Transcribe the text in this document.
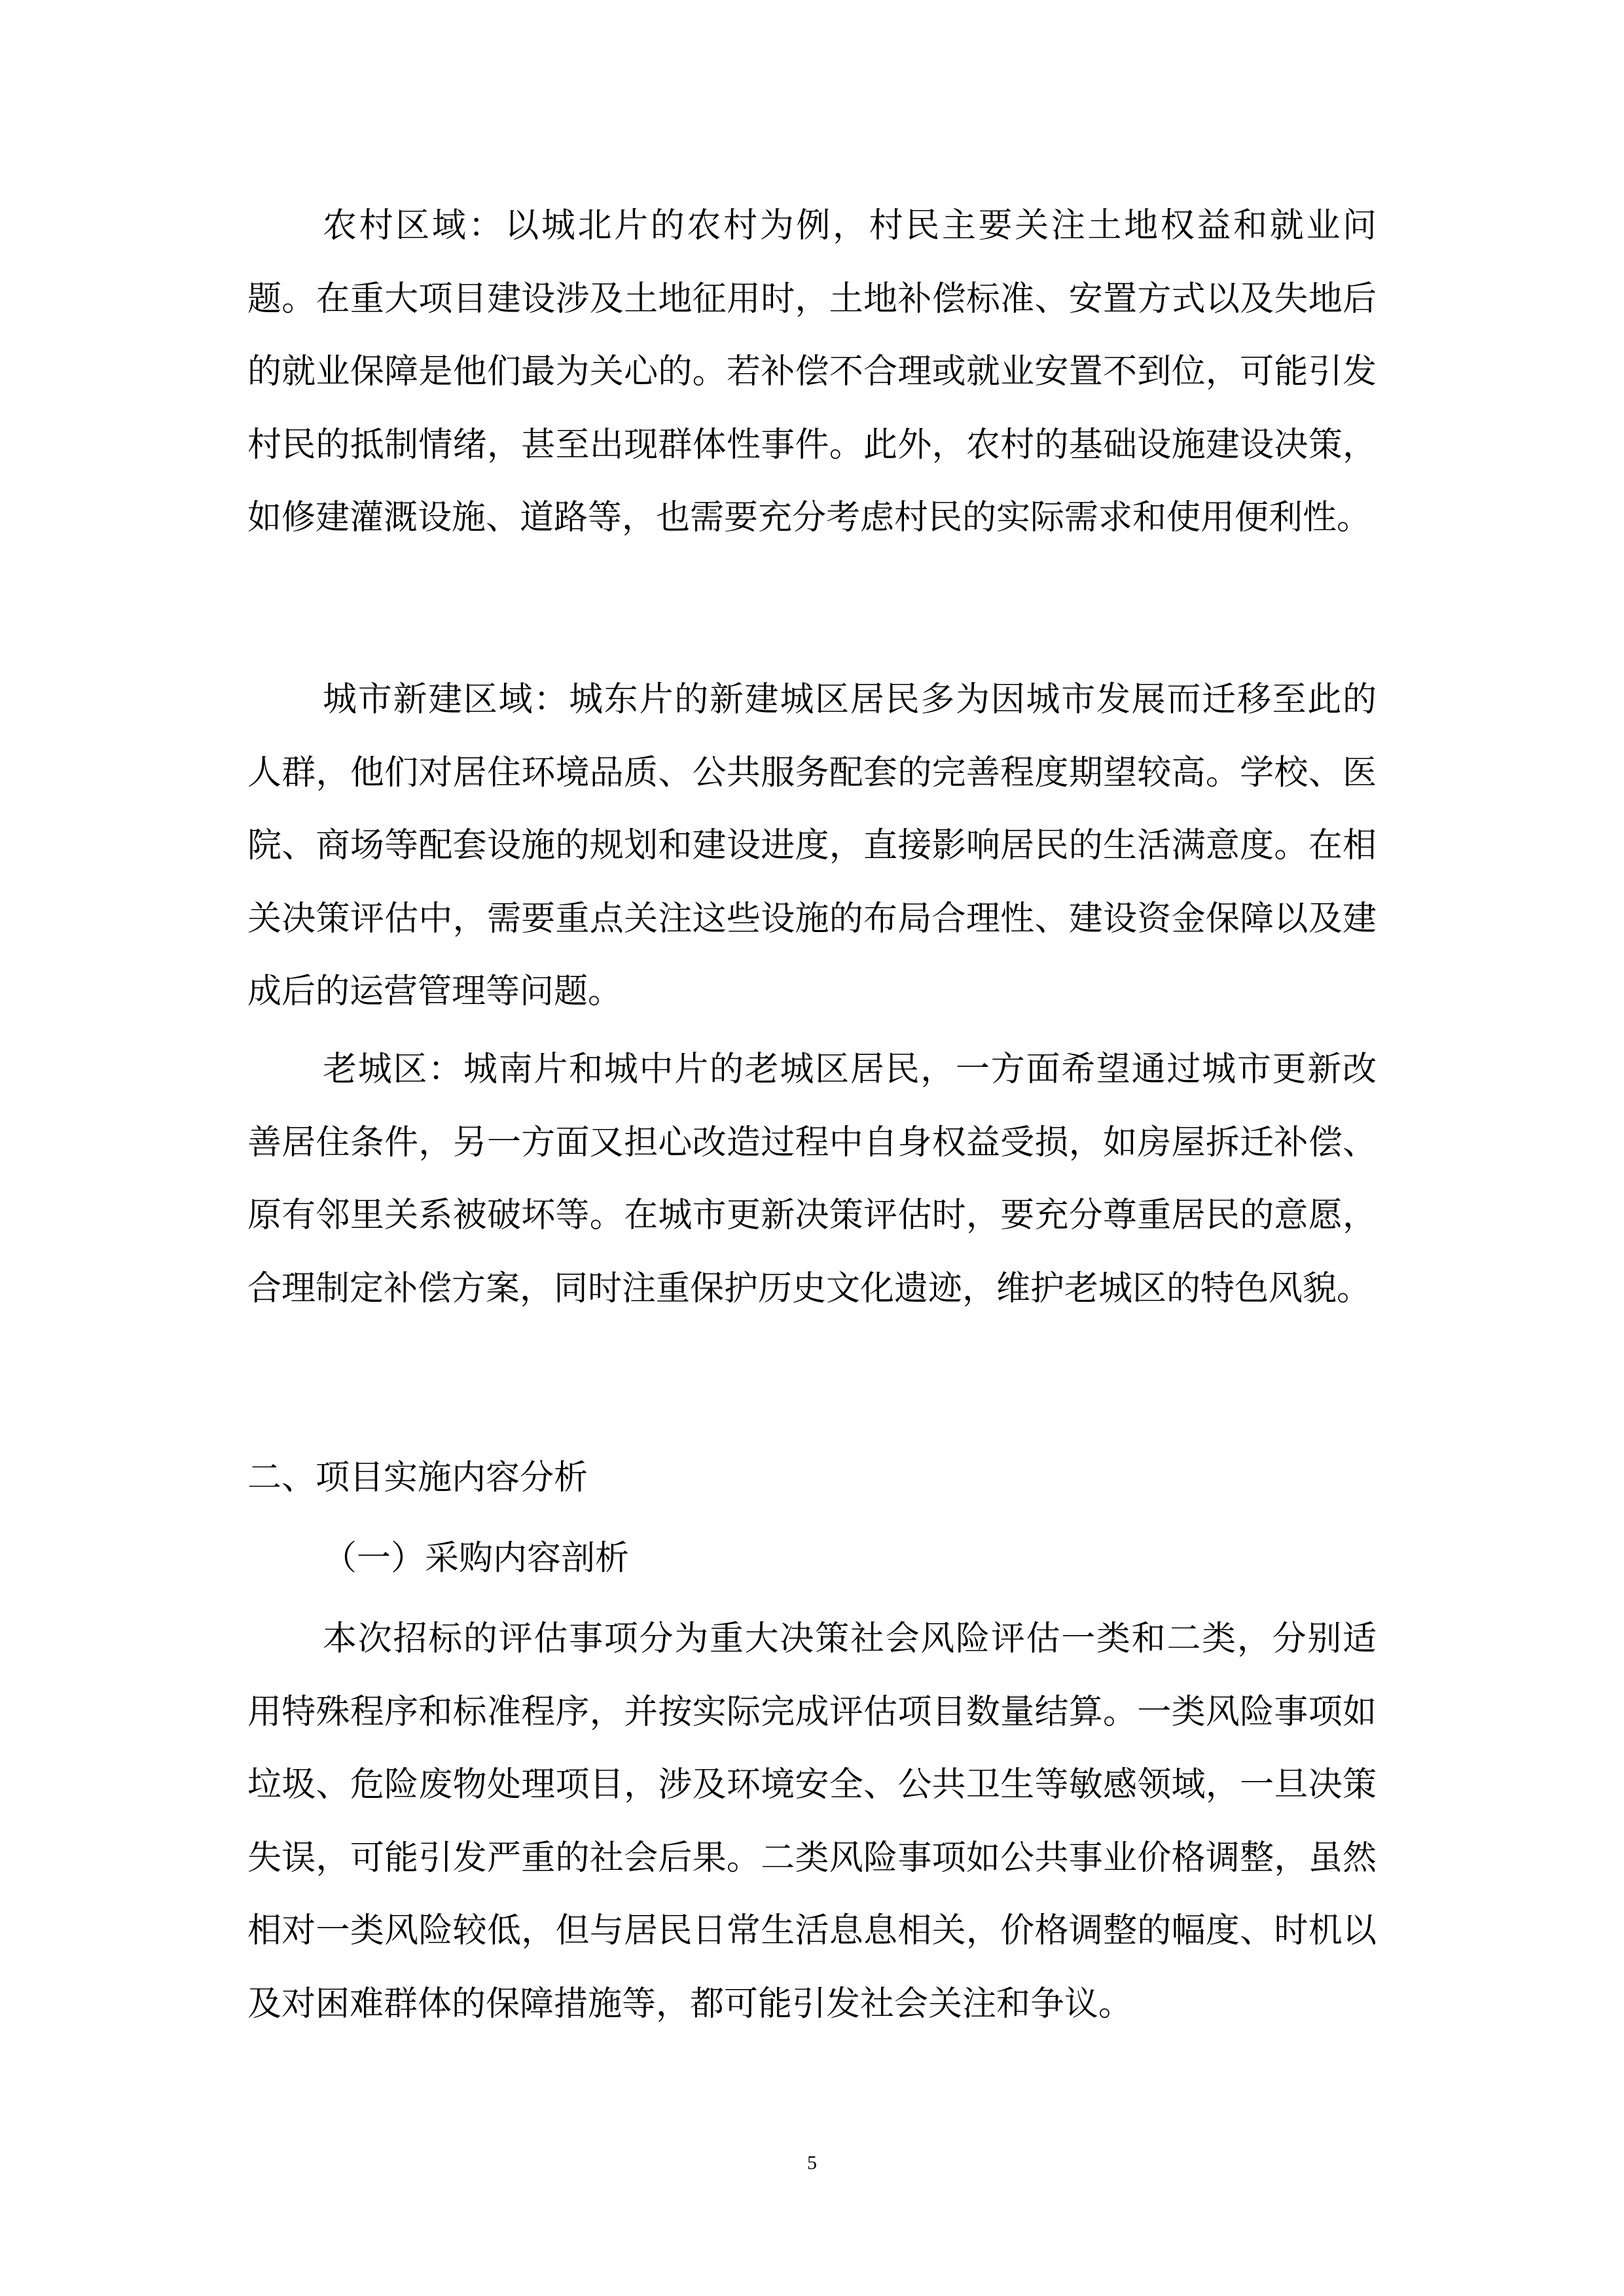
农村区域：以城北片的农村为例，村民主要关注土地权益和就业问题。在重大项目建设涉及土地征用时，土地补偿标准、安置方式以及失地后的就业保障是他们最为关心的。若补偿不合理或就业安置不到位，可能引发村民的抵制情绪，甚至出现群体性事件。此外，农村的基础设施建设决策，如修建灌溉设施、道路等，也需要充分考虑村民的实际需求和使用便利性。

城市新建区域：城东片的新建城区居民多为因城市发展而迁移至此的人群，他们对居住环境品质、公共服务配套的完善程度期望较高。学校、医院、商场等配套设施的规划和建设进度，直接影响居民的生活满意度。在相关决策评估中，需要重点关注这些设施的布局合理性、建设资金保障以及建成后的运营管理等问题。

老城区：城南片和城中片的老城区居民，一方面希望通过城市更新改善居住条件，另一方面又担心改造过程中自身权益受损，如房屋拆迁补偿、原有邻里关系被破坏等。在城市更新决策评估时，要充分尊重居民的意愿，合理制定补偿方案，同时注重保护历史文化遗迹，维护老城区的特色风貌。

二、项目实施内容分析
（一）采购内容剖析

本次招标的评估事项分为重大决策社会风险评估一类和二类，分别适用特殊程序和标准程序，并按实际完成评估项目数量结算。一类风险事项如垃圾、危险废物处理项目，涉及环境安全、公共卫生等敏感领域，一旦决策失误，可能引发严重的社会后果。二类风险事项如公共事业价格调整，虽然相对一类风险较低，但与居民日常生活息息相关，价格调整的幅度、时机以及对困难群体的保障措施等，都可能引发社会关注和争议。

5
